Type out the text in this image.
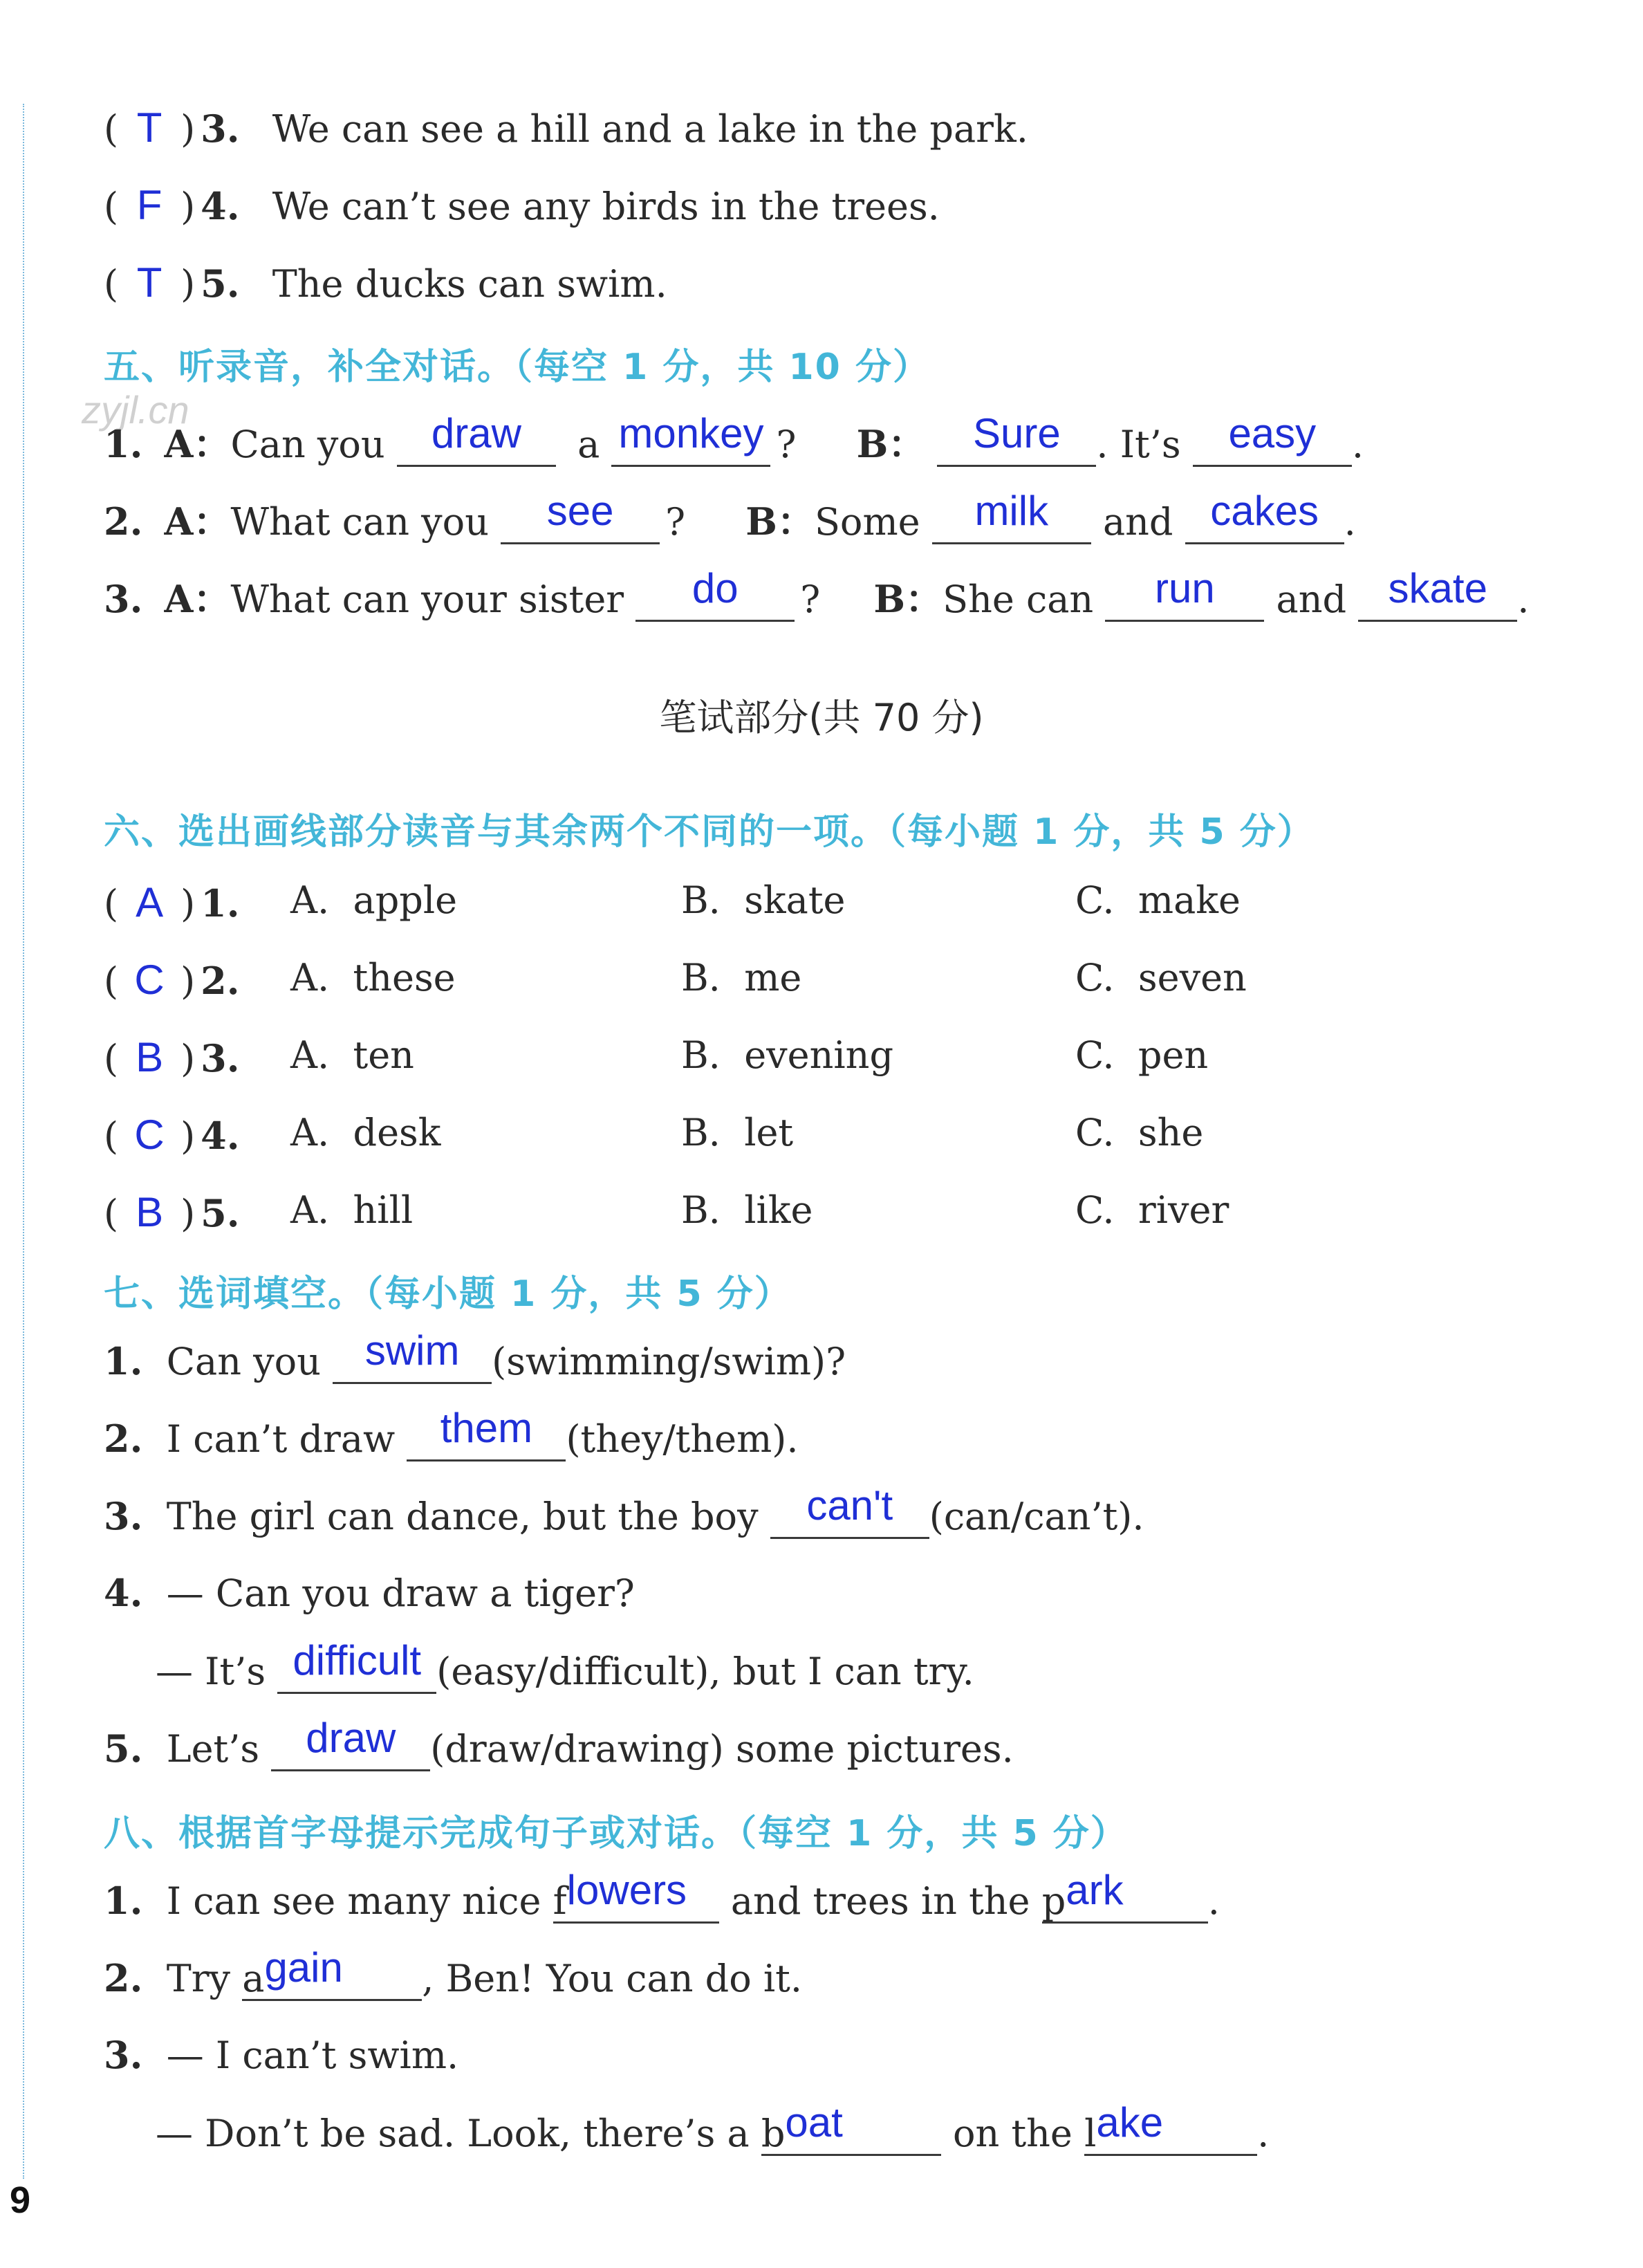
( T ) 3. We can see a hill and a lake in the park.
( F ) 4. We can’t see any birds in the trees.
( T ) 5. The ducks can swim.
五、听录音，补全对话。（每空 1 分，共 10 分）
zyjl.cn
1. A：Can you draw a monkey ? B： Sure . It’s easy .
2. A：What can you see ? B：Some milk and cakes .
3. A：What can your sister do ? B：She can run and skate .
笔试部分(共 70 分)
六、选出画线部分读音与其余两个不同的一项。（每小题 1 分，共 5 分）
( A ) 1. A. apple	B. skate	C. make
( C ) 2. A. these	B. me	C. seven
( B ) 3. A. ten	B. evening	C. pen
( C ) 4. A. desk	B. let	C. she
( B ) 5. A. hill	B. like	C. river
七、选词填空。（每小题 1 分，共 5 分）
1. Can you swim (swimming/swim)?
2. I can’t draw them (they/them).
3. The girl can dance, but the boy can't (can/can’t).
4. — Can you draw a tiger?
— It’s difficult (easy/difficult), but I can try.
5. Let’s draw (draw/drawing) some pictures.
八、根据首字母提示完成句子或对话。（每空 1 分，共 5 分）
1. I can see many nice flowers and trees in the park .
2. Try again , Ben! You can do it.
3. — I can’t swim.
— Don’t be sad. Look, there’s a boat	on the lake	.
9
